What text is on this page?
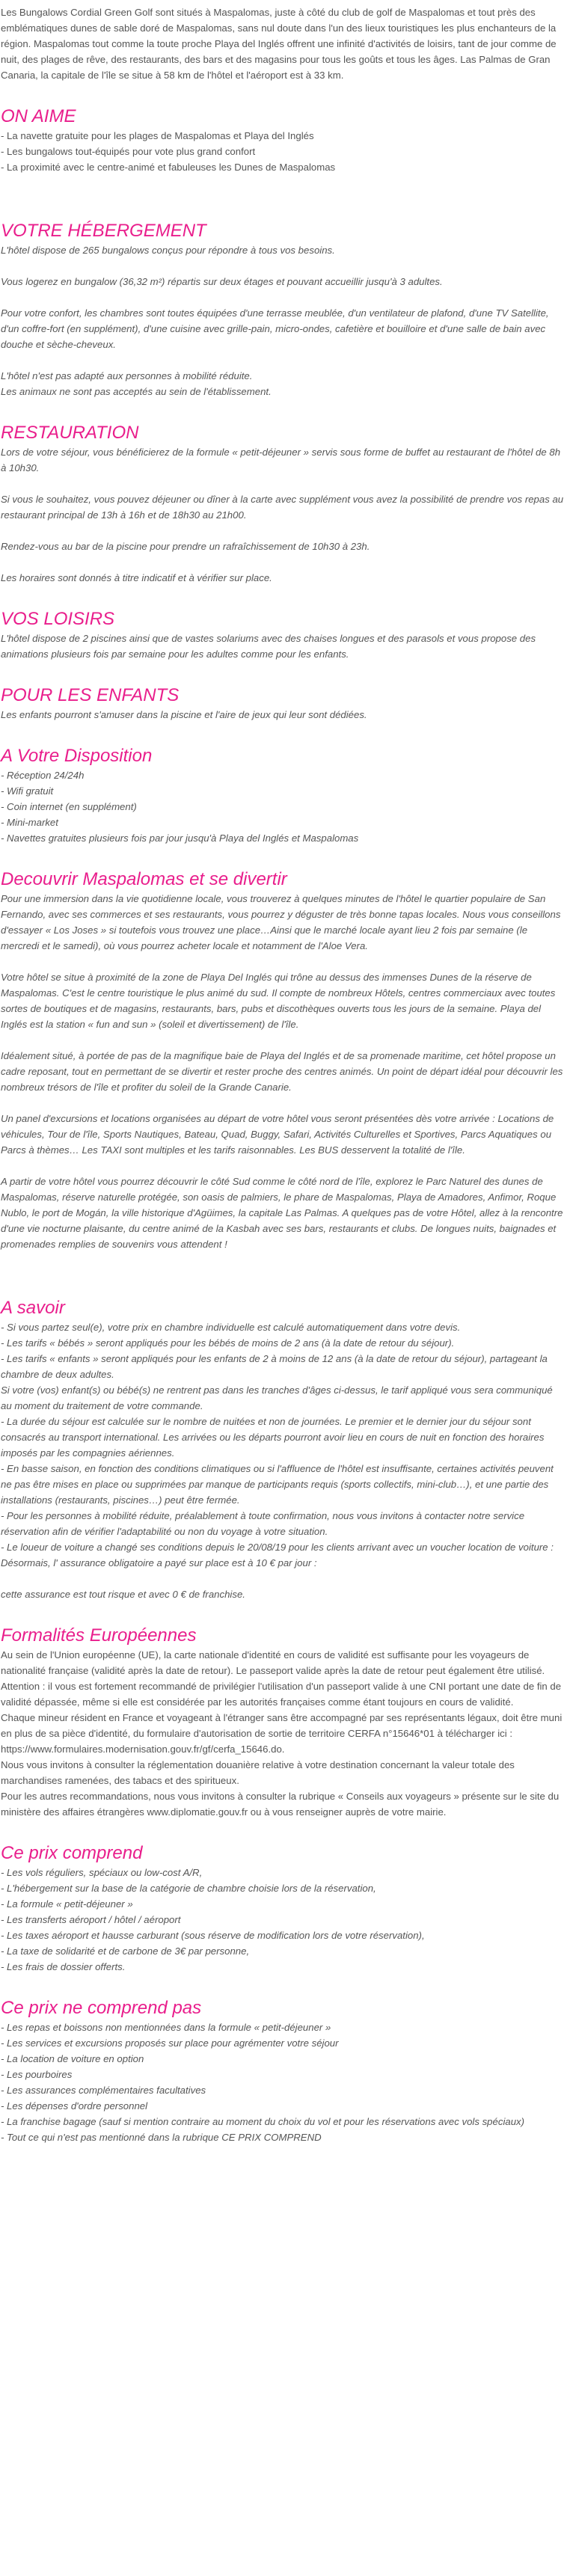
Les Bungalows Cordial Green Golf sont situés à Maspalomas, juste à côté du club de golf de Maspalomas et tout près des emblématiques dunes de sable doré de Maspalomas, sans nul doute dans l'un des lieux touristiques les plus enchanteurs de la région. Maspalomas tout comme la toute proche Playa del Inglés offrent une infinité d'activités de loisirs, tant de jour comme de nuit, des plages de rêve, des restaurants, des bars et des magasins pour tous les goûts et tous les âges. Las Palmas de Gran Canaria, la capitale de l'île se situe à 58 km de l'hôtel et l'aéroport est à 33 km.

ON AIME
- La navette gratuite pour les plages de Maspalomas et Playa del Inglés
- Les bungalows tout-équipés pour vote plus grand confort
- La proximité avec le centre-animé et fabuleuses les Dunes de Maspalomas
VOTRE HÉBERGEMENT

L'hôtel dispose de 265 bungalows conçus pour répondre à tous vos besoins.

Vous logerez en bungalow (36,32 m²) répartis sur deux étages et pouvant accueillir jusqu'à 3 adultes.

Pour votre confort, les chambres sont toutes équipées d'une terrasse meublée, d'un ventilateur de plafond, d'une TV Satellite, d'un coffre-fort (en supplément), d'une cuisine avec grille-pain, micro-ondes, cafetière et bouilloire et d'une salle de bain avec douche et sèche-cheveux.

L'hôtel n'est pas adapté aux personnes à mobilité réduite.

Les animaux ne sont pas acceptés au sein de l'établissement.

RESTAURATION

Lors de votre séjour, vous bénéficierez de la formule « petit-déjeuner » servis sous forme de buffet au restaurant de l'hôtel de 8h à 10h30.

Si vous le souhaitez, vous pouvez déjeuner ou dîner à la carte avec supplément vous avez la possibilité de prendre vos repas au restaurant principal de 13h à 16h et de 18h30 au 21h00.

Rendez-vous au bar de la piscine pour prendre un rafraîchissement de 10h30 à 23h.

Les horaires sont donnés à titre indicatif et à vérifier sur place.

VOS LOISIRS

L'hôtel dispose de 2 piscines ainsi que de vastes solariums avec des chaises longues et des parasols et vous propose des animations plusieurs fois par semaine pour les adultes comme pour les enfants.

POUR LES ENFANTS

Les enfants pourront s'amuser dans la piscine et l'aire de jeux qui leur sont dédiées.

A Votre Disposition
- Réception 24/24h
- Wifi gratuit
- Coin internet (en supplément)
- Mini-market
- Navettes gratuites plusieurs fois par jour jusqu'à Playa del Inglés et Maspalomas
Decouvrir Maspalomas et se divertir

Pour une immersion dans la vie quotidienne locale, vous trouverez à quelques minutes de l'hôtel le quartier populaire de San Fernando, avec ses commerces et ses restaurants, vous pourrez y déguster de très bonne tapas locales. Nous vous conseillons d'essayer « Los Joses » si toutefois vous trouvez une place…Ainsi que le marché locale ayant lieu 2 fois par semaine (le mercredi et le samedi), où vous pourrez acheter locale et notamment de l'Aloe Vera.

Votre hôtel se situe à proximité de la zone de Playa Del Inglés qui trône au dessus des immenses Dunes de la réserve de Maspalomas. C'est le centre touristique le plus animé du sud. Il compte de nombreux Hôtels, centres commerciaux avec toutes sortes de boutiques et de magasins, restaurants, bars, pubs et discothèques ouverts tous les jours de la semaine. Playa del Inglés est la station « fun and sun » (soleil et divertissement) de l'île.

Idéalement situé, à portée de pas de la magnifique baie de Playa del Inglés et de sa promenade maritime, cet hôtel propose un cadre reposant, tout en permettant de se divertir et rester proche des centres animés. Un point de départ idéal pour découvrir les nombreux trésors de l'île et profiter du soleil de la Grande Canarie.

Un panel d'excursions et locations organisées au départ de votre hôtel vous seront présentées dès votre arrivée : Locations de véhicules, Tour de l'île, Sports Nautiques, Bateau, Quad, Buggy, Safari, Activités Culturelles et Sportives, Parcs Aquatiques ou Parcs à thèmes… Les TAXI sont multiples et les tarifs raisonnables. Les BUS desservent la totalité de l'île.

A partir de votre hôtel vous pourrez découvrir le côté Sud comme le côté nord de l'île, explorez le Parc Naturel des dunes de Maspalomas, réserve naturelle protégée, son oasis de palmiers, le phare de Maspalomas, Playa de Amadores, Anfimor, Roque Nublo, le port de Mogán, la ville historique d'Agüimes, la capitale Las Palmas. A quelques pas de votre Hôtel, allez à la rencontre d'une vie nocturne plaisante, du centre animé de la Kasbah avec ses bars, restaurants et clubs. De longues nuits, baignades et promenades remplies de souvenirs vous attendent !

A savoir

- Si vous partez seul(e), votre prix en chambre individuelle est calculé automatiquement dans votre devis.

- Les tarifs « bébés » seront appliqués pour les bébés de moins de 2 ans (à la date de retour du séjour).

- Les tarifs « enfants » seront appliqués pour les enfants de 2 à moins de 12 ans (à la date de retour du séjour), partageant la chambre de deux adultes.

Si votre (vos) enfant(s) ou bébé(s) ne rentrent pas dans les tranches d'âges ci-dessus, le tarif appliqué vous sera communiqué au moment du traitement de votre commande.

- La durée du séjour est calculée sur le nombre de nuitées et non de journées. Le premier et le dernier jour du séjour sont consacrés au transport international. Les arrivées ou les départs pourront avoir lieu en cours de nuit en fonction des horaires imposés par les compagnies aériennes.

- En basse saison, en fonction des conditions climatiques ou si l'affluence de l'hôtel est insuffisante, certaines activités peuvent ne pas être mises en place ou supprimées par manque de participants requis (sports collectifs, mini-club…), et une partie des installations (restaurants, piscines…) peut être fermée.

- Pour les personnes à mobilité réduite, préalablement à toute confirmation, nous vous invitons à contacter notre service réservation afin de vérifier l'adaptabilité ou non du voyage à votre situation.

- Le loueur de voiture a changé ses conditions depuis le 20/08/19 pour les clients arrivant avec un voucher location de voiture : Désormais, l' assurance obligatoire a payé sur place est à 10 € par jour :

cette assurance est tout risque et avec 0 € de franchise.

Formalités Européennes

Au sein de l'Union européenne (UE), la carte nationale d'identité en cours de validité est suffisante pour les voyageurs de nationalité française (validité après la date de retour). Le passeport valide après la date de retour peut également être utilisé. Attention : il vous est fortement recommandé de privilégier l'utilisation d'un passeport valide à une CNI portant une date de fin de validité dépassée, même si elle est considérée par les autorités françaises comme étant toujours en cours de validité.

Chaque mineur résident en France et voyageant à l'étranger sans être accompagné par ses représentants légaux, doit être muni en plus de sa pièce d'identité, du formulaire d'autorisation de sortie de territoire CERFA n°15646*01 à télécharger ici :

https://www.formulaires.modernisation.gouv.fr/gf/cerfa_15646.do.

Nous vous invitons à consulter la réglementation douanière relative à votre destination concernant la valeur totale des marchandises ramenées, des tabacs et des spiritueux.

Pour les autres recommandations, nous vous invitons à consulter la rubrique « Conseils aux voyageurs » présente sur le site du ministère des affaires étrangères www.diplomatie.gouv.fr ou à vous renseigner auprès de votre mairie.

Ce prix comprend
- Les vols réguliers, spéciaux ou low-cost A/R,
- L'hébergement sur la base de la catégorie de chambre choisie lors de la réservation,
- La formule « petit-déjeuner »
- Les transferts aéroport / hôtel / aéroport
- Les taxes aéroport et hausse carburant (sous réserve de modification lors de votre réservation),
- La taxe de solidarité et de carbone de 3€ par personne,
- Les frais de dossier offerts.
Ce prix ne comprend pas
- Les repas et boissons non mentionnées dans la formule « petit-déjeuner »
- Les services et excursions proposés sur place pour agrémenter votre séjour
- La location de voiture en option
- Les pourboires
- Les assurances complémentaires facultatives
- Les dépenses d'ordre personnel
- La franchise bagage (sauf si mention contraire au moment du choix du vol et pour les réservations avec vols spéciaux)
- Tout ce qui n'est pas mentionné dans la rubrique CE PRIX COMPREND
